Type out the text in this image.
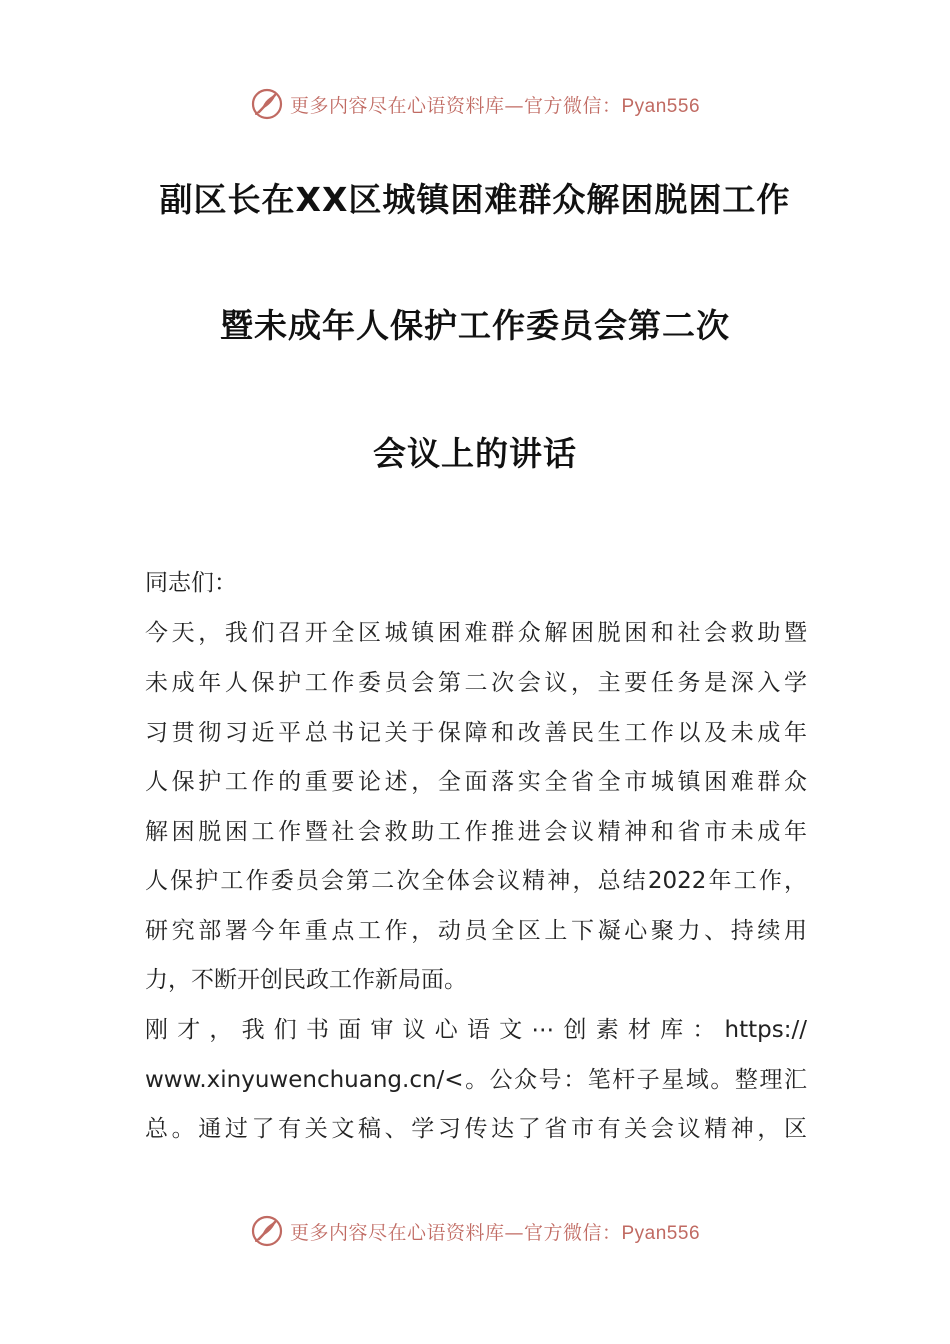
更多内容尽在心语资料库—官方微信：Pyan556
副区长在XX区城镇困难群众解困脱困工作
暨未成年人保护工作委员会第二次
会议上的讲话
同志们：
今天，我们召开全区城镇困难群众解困脱困和社会救助暨
未成年人保护工作委员会第二次会议，主要任务是深入学
习贯彻习近平总书记关于保障和改善民生工作以及未成年
人保护工作的重要论述，全面落实全省全市城镇困难群众
解困脱困工作暨社会救助工作推进会议精神和省市未成年
人保护工作委员会第二次全体会议精神，总结2022年工作，
研究部署今年重点工作，动员全区上下凝心聚力、持续用
力，不断开创民政工作新局面。
刚才，我们书面审议心语文⋯创素材库：https://
www.xinyuwenchuang.cn/<。公众号：笔杆子星域。整理汇
总。通过了有关文稿、学习传达了省市有关会议精神，区
更多内容尽在心语资料库—官方微信：Pyan556
